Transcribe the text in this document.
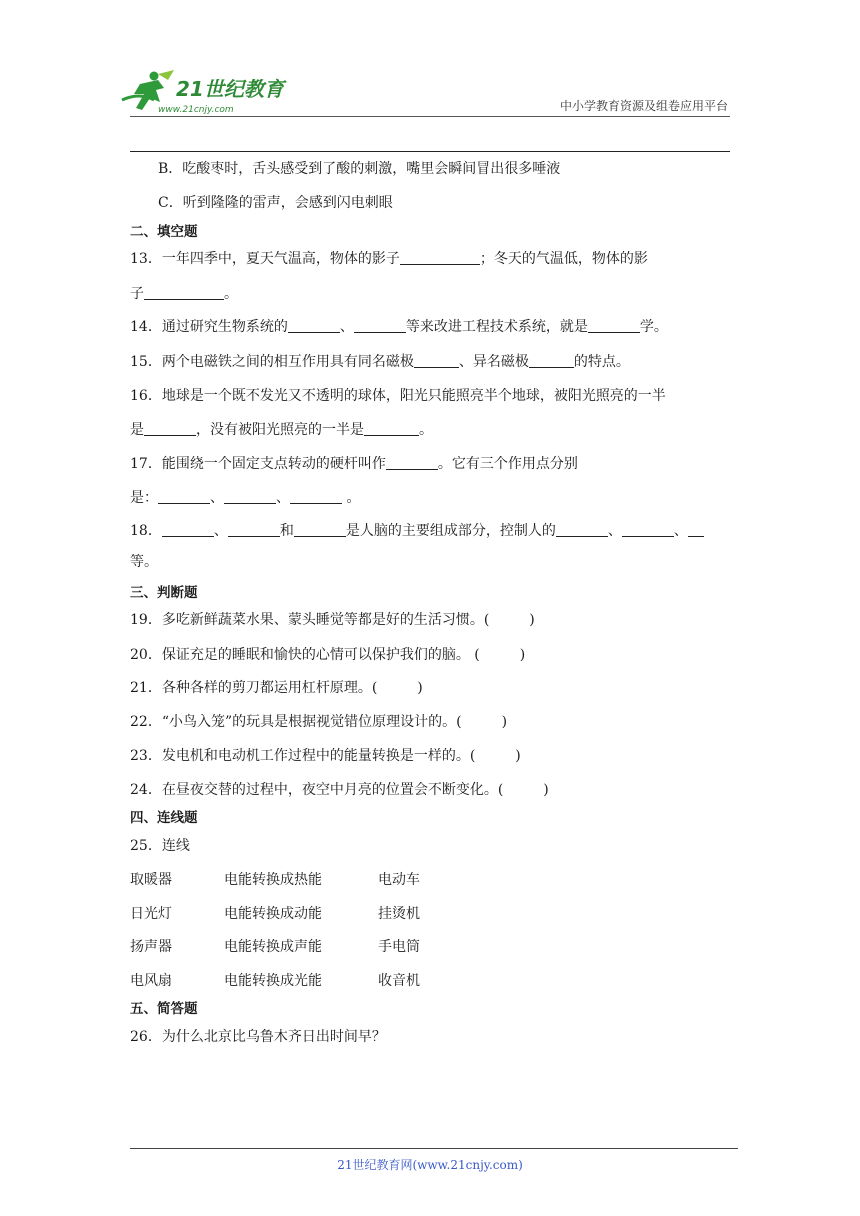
21世纪教育
www.21cnjy.com	中小学教育资源及组卷应用平台
B．吃酸枣时，舌头感受到了酸的刺激，嘴里会瞬间冒出很多唾液
C．听到隆隆的雷声，会感到闪电刺眼
二、填空题
13．一年四季中，夏天气温高，物体的影子	；冬天的气温低，物体的影
子	。
14．通过研究生物系统的	、	等来改进工程技术系统，就是	学。
15．两个电磁铁之间的相互作用具有同名磁极	、异名磁极	的特点。
16．地球是一个既不发光又不透明的球体，阳光只能照亮半个地球，被阳光照亮的一半
是	，没有被阳光照亮的一半是	。
17．能围绕一个固定支点转动的硬杆叫作	。它有三个作用点分别
是：	、	、	。
18．	、	和	是人脑的主要组成部分，控制人的	、	、
等。
三、判断题
19．多吃新鲜蔬菜水果、蒙头睡觉等都是好的生活习惯。(	)
20．保证充足的睡眠和愉快的心情可以保护我们的脑。 (	)
21．各种各样的剪刀都运用杠杆原理。(	)
22．“小鸟入笼”的玩具是根据视觉错位原理设计的。(	)
23．发电机和电动机工作过程中的能量转换是一样的。(	)
24．在昼夜交替的过程中，夜空中月亮的位置会不断变化。(	)
四、连线题
25．连线
取暖器	电能转换成热能	电动车
日光灯	电能转换成动能	挂烫机
扬声器	电能转换成声能	手电筒
电风扇	电能转换成光能	收音机
五、简答题
26．为什么北京比乌鲁木齐日出时间早？
21世纪教育网(www.21cnjy.com)
